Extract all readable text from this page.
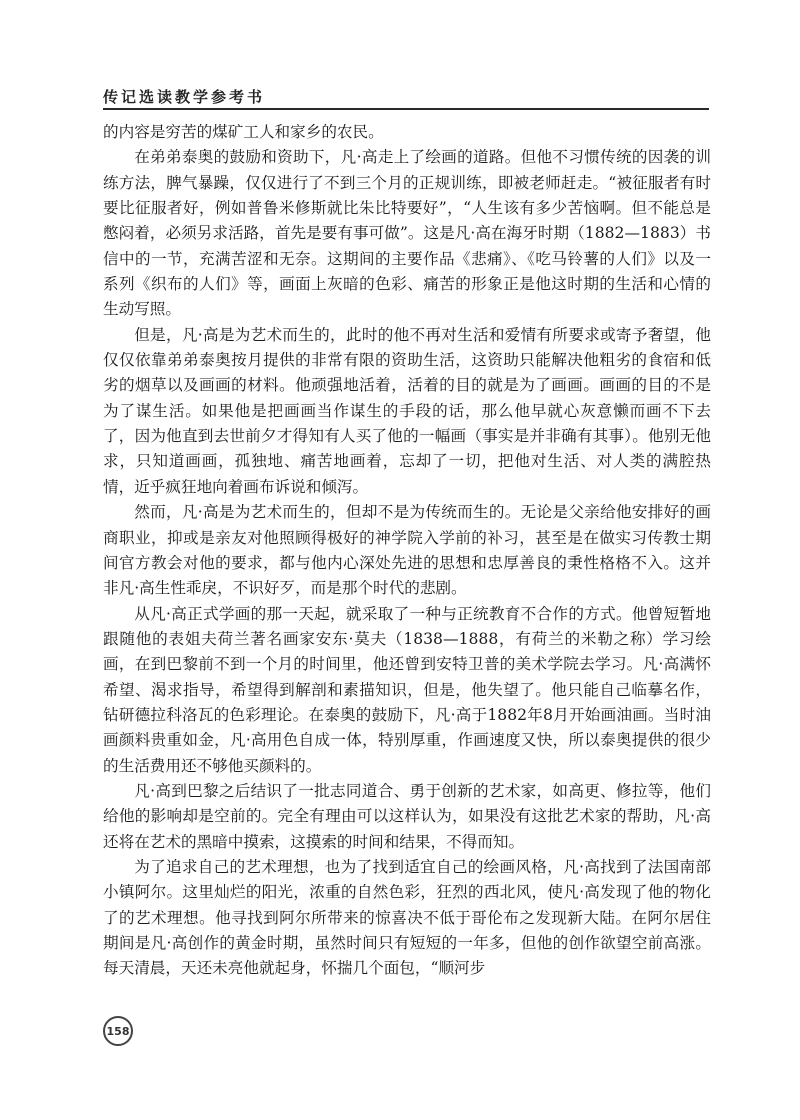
传记选读教学参考书

的内容是穷苦的煤矿工人和家乡的农民。

在弟弟泰奥的鼓励和资助下，凡·高走上了绘画的道路。但他不习惯传统的因袭的训练方法，脾气暴躁，仅仅进行了不到三个月的正规训练，即被老师赶走。“被征服者有时要比征服者好，例如普鲁米修斯就比朱比特要好”，“人生该有多少苦恼啊。但不能总是憋闷着，必须另求活路，首先是要有事可做”。这是凡·高在海牙时期（1882—1883）书信中的一节，充满苦涩和无奈。这期间的主要作品《悲痛》、《吃马铃薯的人们》以及一系列《织布的人们》等，画面上灰暗的色彩、痛苦的形象正是他这时期的生活和心情的生动写照。

但是，凡·高是为艺术而生的，此时的他不再对生活和爱情有所要求或寄予奢望，他仅仅依靠弟弟泰奥按月提供的非常有限的资助生活，这资助只能解决他粗劣的食宿和低劣的烟草以及画画的材料。他顽强地活着，活着的目的就是为了画画。画画的目的不是为了谋生活。如果他是把画画当作谋生的手段的话，那么他早就心灰意懒而画不下去了，因为他直到去世前夕才得知有人买了他的一幅画（事实是并非确有其事）。他别无他求，只知道画画，孤独地、痛苦地画着，忘却了一切，把他对生活、对人类的满腔热情，近乎疯狂地向着画布诉说和倾泻。

然而，凡·高是为艺术而生的，但却不是为传统而生的。无论是父亲给他安排好的画商职业，抑或是亲友对他照顾得极好的神学院入学前的补习，甚至是在做实习传教士期间官方教会对他的要求，都与他内心深处先进的思想和忠厚善良的秉性格格不入。这并非凡·高生性乖戾，不识好歹，而是那个时代的悲剧。

从凡·高正式学画的那一天起，就采取了一种与正统教育不合作的方式。他曾短暂地跟随他的表姐夫荷兰著名画家安东·莫夫（1838—1888，有荷兰的米勒之称）学习绘画，在到巴黎前不到一个月的时间里，他还曾到安特卫普的美术学院去学习。凡·高满怀希望、渴求指导，希望得到解剖和素描知识，但是，他失望了。他只能自己临摹名作，钻研德拉科洛瓦的色彩理论。在泰奥的鼓励下，凡·高于1882年8月开始画油画。当时油画颜料贵重如金，凡·高用色自成一体，特别厚重，作画速度又快，所以泰奥提供的很少的生活费用还不够他买颜料的。

凡·高到巴黎之后结识了一批志同道合、勇于创新的艺术家，如高更、修拉等，他们给他的影响却是空前的。完全有理由可以这样认为，如果没有这批艺术家的帮助，凡·高还将在艺术的黑暗中摸索，这摸索的时间和结果，不得而知。

为了追求自己的艺术理想，也为了找到适宜自己的绘画风格，凡·高找到了法国南部小镇阿尔。这里灿烂的阳光，浓重的自然色彩，狂烈的西北风，使凡·高发现了他的物化了的艺术理想。他寻找到阿尔所带来的惊喜决不低于哥伦布之发现新大陆。在阿尔居住期间是凡·高创作的黄金时期，虽然时间只有短短的一年多，但他的创作欲望空前高涨。每天清晨，天还未亮他就起身，怀揣几个面包，“顺河步

158
